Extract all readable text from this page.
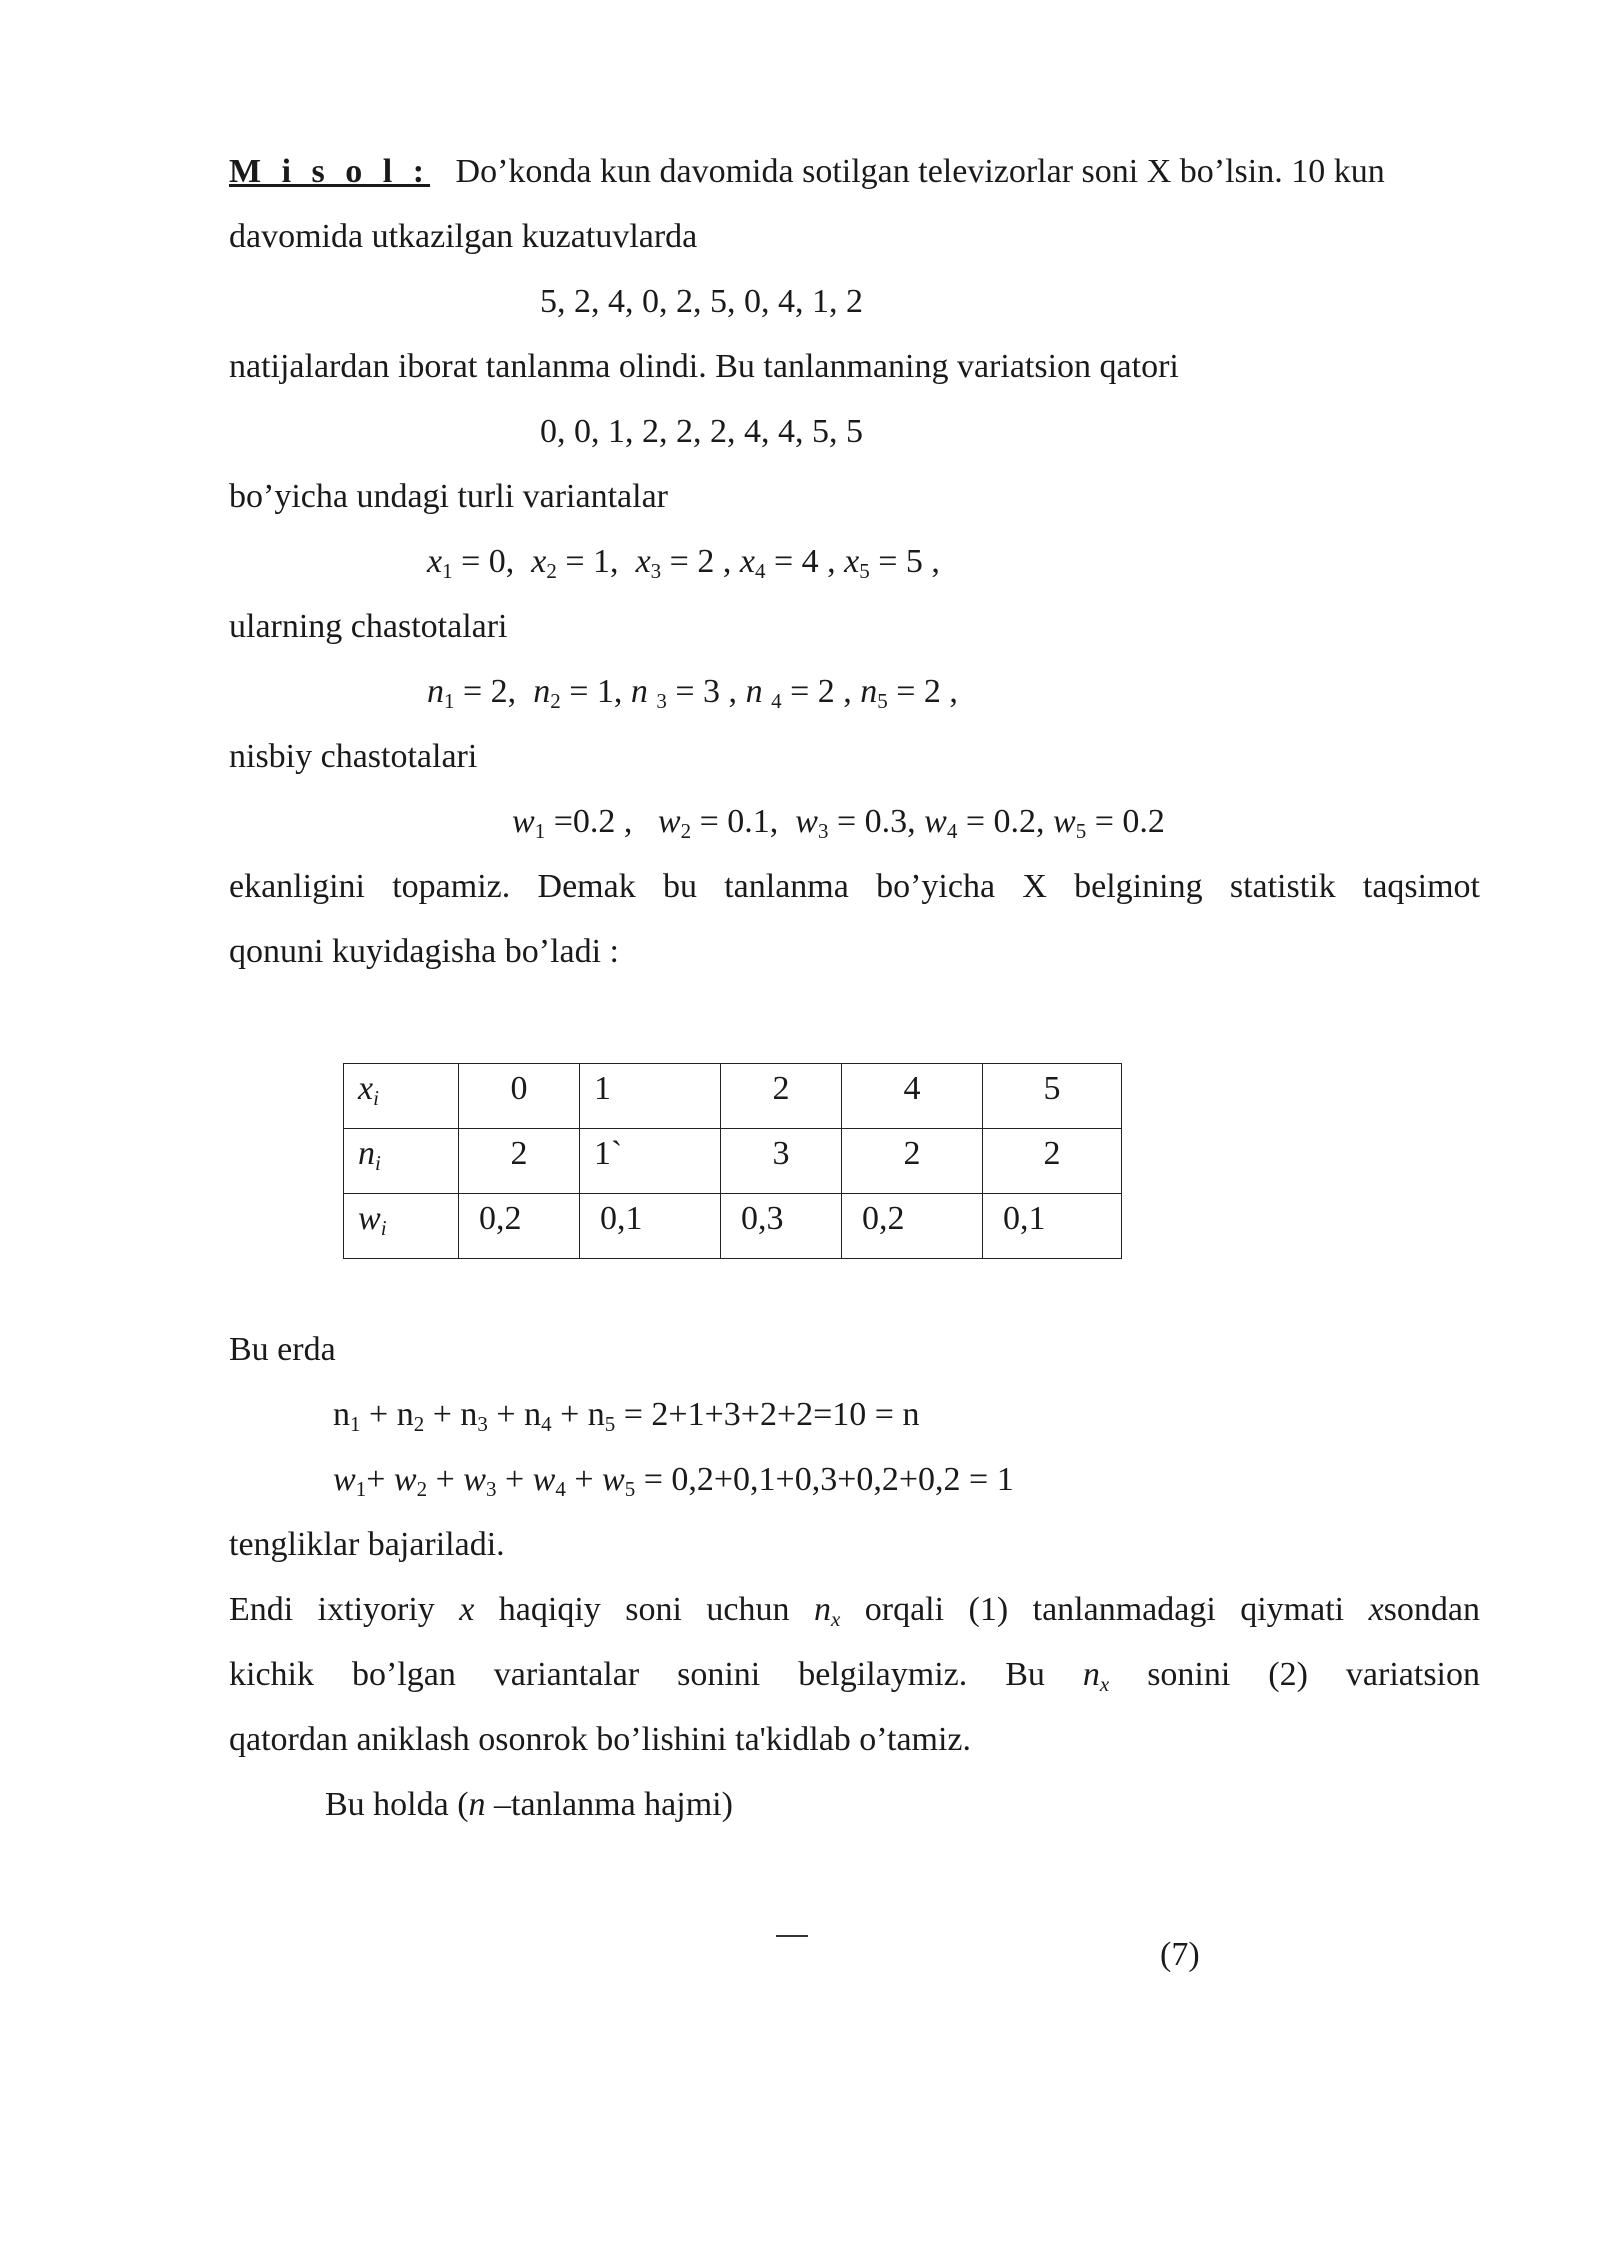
M i s o l : Do’konda kun davomida sotilgan televizorlar soni X bo’lsin. 10 kun
davomida utkazilgan kuzatuvlarda
5, 2, 4, 0, 2, 5, 0, 4, 1, 2
natijalardan iborat tanlanma olindi. Bu tanlanmaning variatsion qatori
0, 0, 1, 2, 2, 2, 4, 4, 5, 5
bo’yicha undagi turli variantalar
$x_1 = 0$,  $x_2 = 1$,  $x_3 = 2$ , $x_4 = 4$ , $x_5 = 5$ ,
ularning chastotalari
$n_1 = 2$,  $n_2 = 1$, n $_3$ = 3 , n $_4$ = 2 , $n_5 = 2$ ,
nisbiy chastotalari
$w_1 =0.2$ ,   $w_2 = 0.1$,  $w_3 = 0.3$, $w_4 = 0.2$, $w_5 = 0.2$
ekanligini topamiz. Demak bu tanlanma bo’yicha X belgining statistik taqsimot
qonuni kuyidagisha bo’ladi :
$x_i$	0	1	2	4	5
$n_i$	2	1`	3	2	2
$w_i$	0,2	0,1	0,3	0,2	0,1
Bu erda
$n_1 + n_2 + n_3 + n_4 + n_5 = 2+1+3+2+2=10 = n$
$w_1+ w_2 + w_3 + w_4 + w_5 = 0,2+0,1+0,3+0,2+0,2 = 1$
tengliklar bajariladi.
Endi ixtiyoriy x haqiqiy soni uchun $n_x$ orqali (1) tanlanmadagi qiymati xsondan
kichik bo’lgan variantalar sonini belgilaymiz. Bu $n_x$ sonini (2) variatsion
qatordan aniklash osonrok bo’lishini ta'kidlab o’tamiz.
Bu holda (n –tanlanma hajmi)
(7)
